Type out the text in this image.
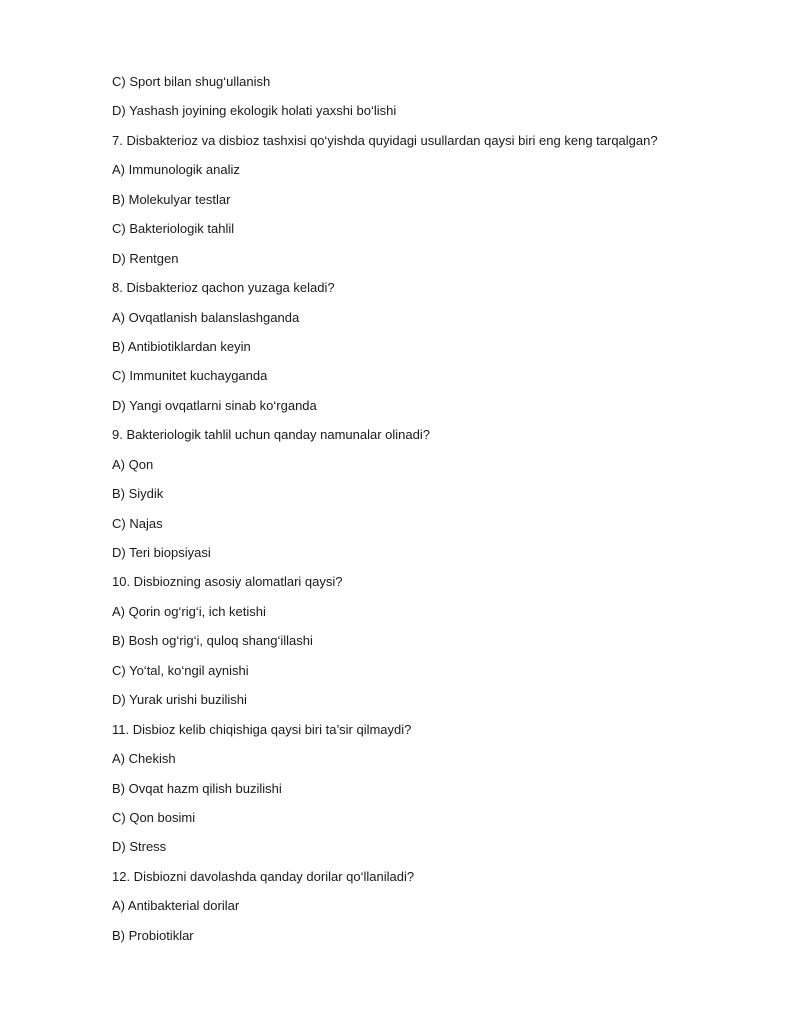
C) Sport bilan shug‘ullanish
D) Yashash joyining ekologik holati yaxshi bo‘lishi
7. Disbakterioz va disbioz tashxisi qo‘yishda quyidagi usullardan qaysi biri eng keng tarqalgan?
A) Immunologik analiz
B) Molekulyar testlar
C) Bakteriologik tahlil
D) Rentgen
8. Disbakterioz qachon yuzaga keladi?
A) Ovqatlanish balanslashganda
B) Antibiotiklardan keyin
C) Immunitet kuchayganda
D) Yangi ovqatlarni sinab ko‘rganda
9. Bakteriologik tahlil uchun qanday namunalar olinadi?
A) Qon
B) Siydik
C) Najas
D) Teri biopsiyasi
10. Disbiozning asosiy alomatlari qaysi?
A) Qorin og‘rig‘i, ich ketishi
B) Bosh og‘rig‘i, quloq shang‘illashi
C) Yo‘tal, ko‘ngil aynishi
D) Yurak urishi buzilishi
11. Disbioz kelib chiqishiga qaysi biri ta’sir qilmaydi?
A) Chekish
B) Ovqat hazm qilish buzilishi
C) Qon bosimi
D) Stress
12. Disbiozni davolashda qanday dorilar qo‘llaniladi?
A) Antibakterial dorilar
B) Probiotiklar
